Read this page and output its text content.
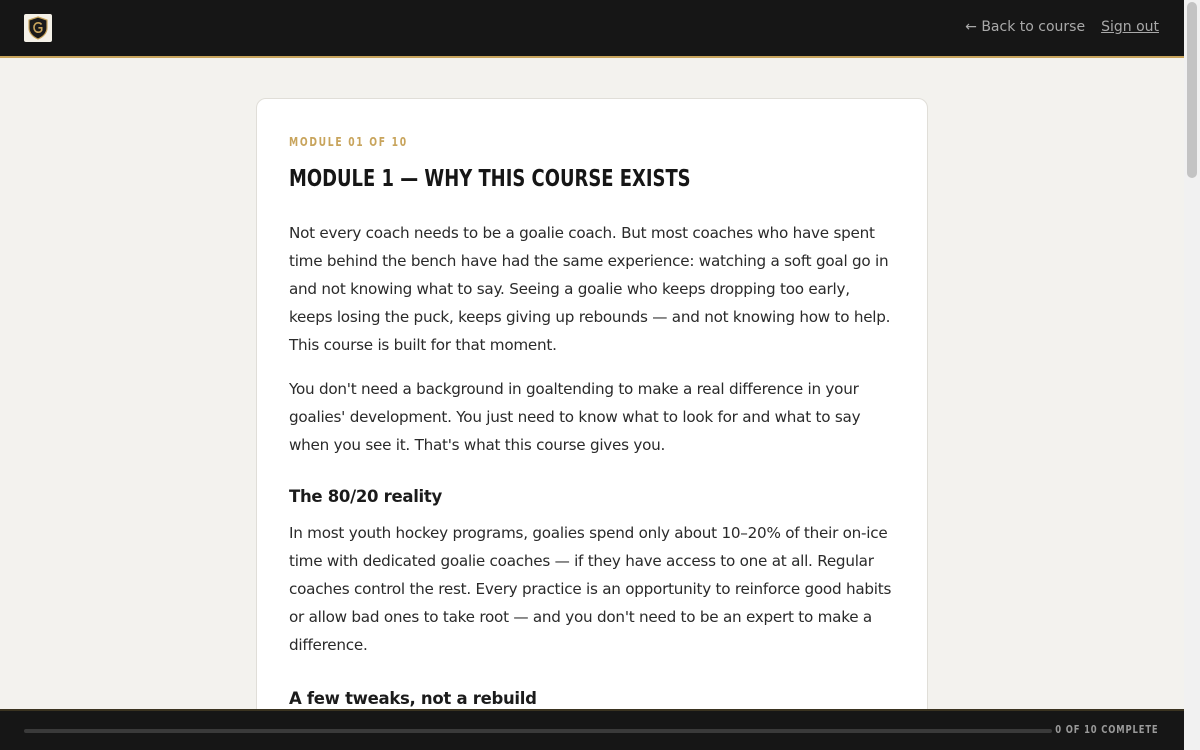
← Back to course Sign out
MODULE 01 OF 10
MODULE 1 — WHY THIS COURSE EXISTS

Not every coach needs to be a goalie coach. But most coaches who have spent time behind the bench have had the same experience: watching a soft goal go in and not knowing what to say. Seeing a goalie who keeps dropping too early, keeps losing the puck, keeps giving up rebounds — and not knowing how to help. This course is built for that moment.

You don't need a background in goaltending to make a real difference in your goalies' development. You just need to know what to look for and what to say when you see it. That's what this course gives you.

The 80/20 reality

In most youth hockey programs, goalies spend only about 10–20% of their on-ice time with dedicated goalie coaches — if they have access to one at all. Regular coaches control the rest. Every practice is an opportunity to reinforce good habits or allow bad ones to take root — and you don't need to be an expert to make a difference.

A few tweaks, not a rebuild
0 OF 10 COMPLETE
